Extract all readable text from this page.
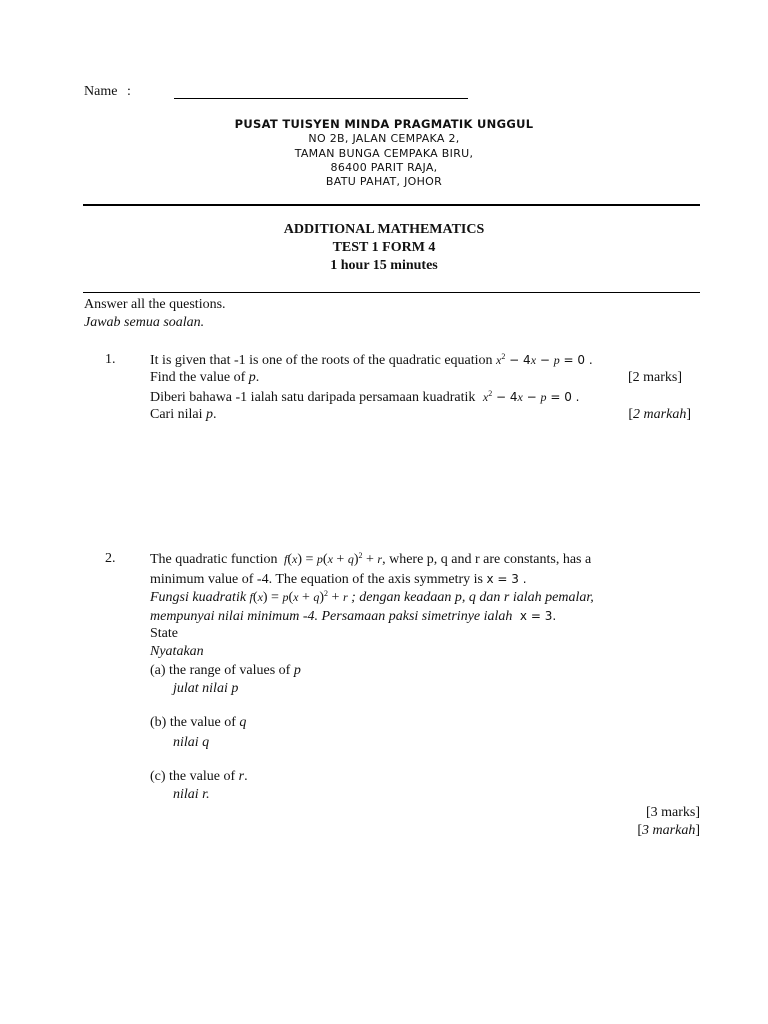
Name :
PUSAT TUISYEN MINDA PRAGMATIK UNGGUL
NO 2B, JALAN CEMPAKA 2,
TAMAN BUNGA CEMPAKA BIRU,
86400 PARIT RAJA,
BATU PAHAT, JOHOR
ADDITIONAL MATHEMATICS
TEST 1 FORM 4
1 hour 15 minutes
Answer all the questions.
Jawab semua soalan.
1. It is given that -1 is one of the roots of the quadratic equation $x^2 - 4x - p = 0$ .
Find the value of p.	[2 marks]
Diberi bahawa -1 ialah satu daripada persamaan kuadratik $x^2 - 4x - p = 0$ .
Cari nilai p.	[2 markah]
2. The quadratic function $f(x) = p(x + q)^2 + r$, where p, q and r are constants, has a
minimum value of -4. The equation of the axis symmetry is x = 3 .
Fungsi kuadratik $f(x) = p(x + q)^2 + r$ ; dengan keadaan p, q dan r ialah pemalar,
mempunyai nilai minimum -4. Persamaan paksi simetrinye ialah x = 3.
State
Nyatakan
(a) the range of values of p
julat nilai p
(b) the value of q
nilai q
(c) the value of r.
nilai r.
[3 marks]
[3 markah]
